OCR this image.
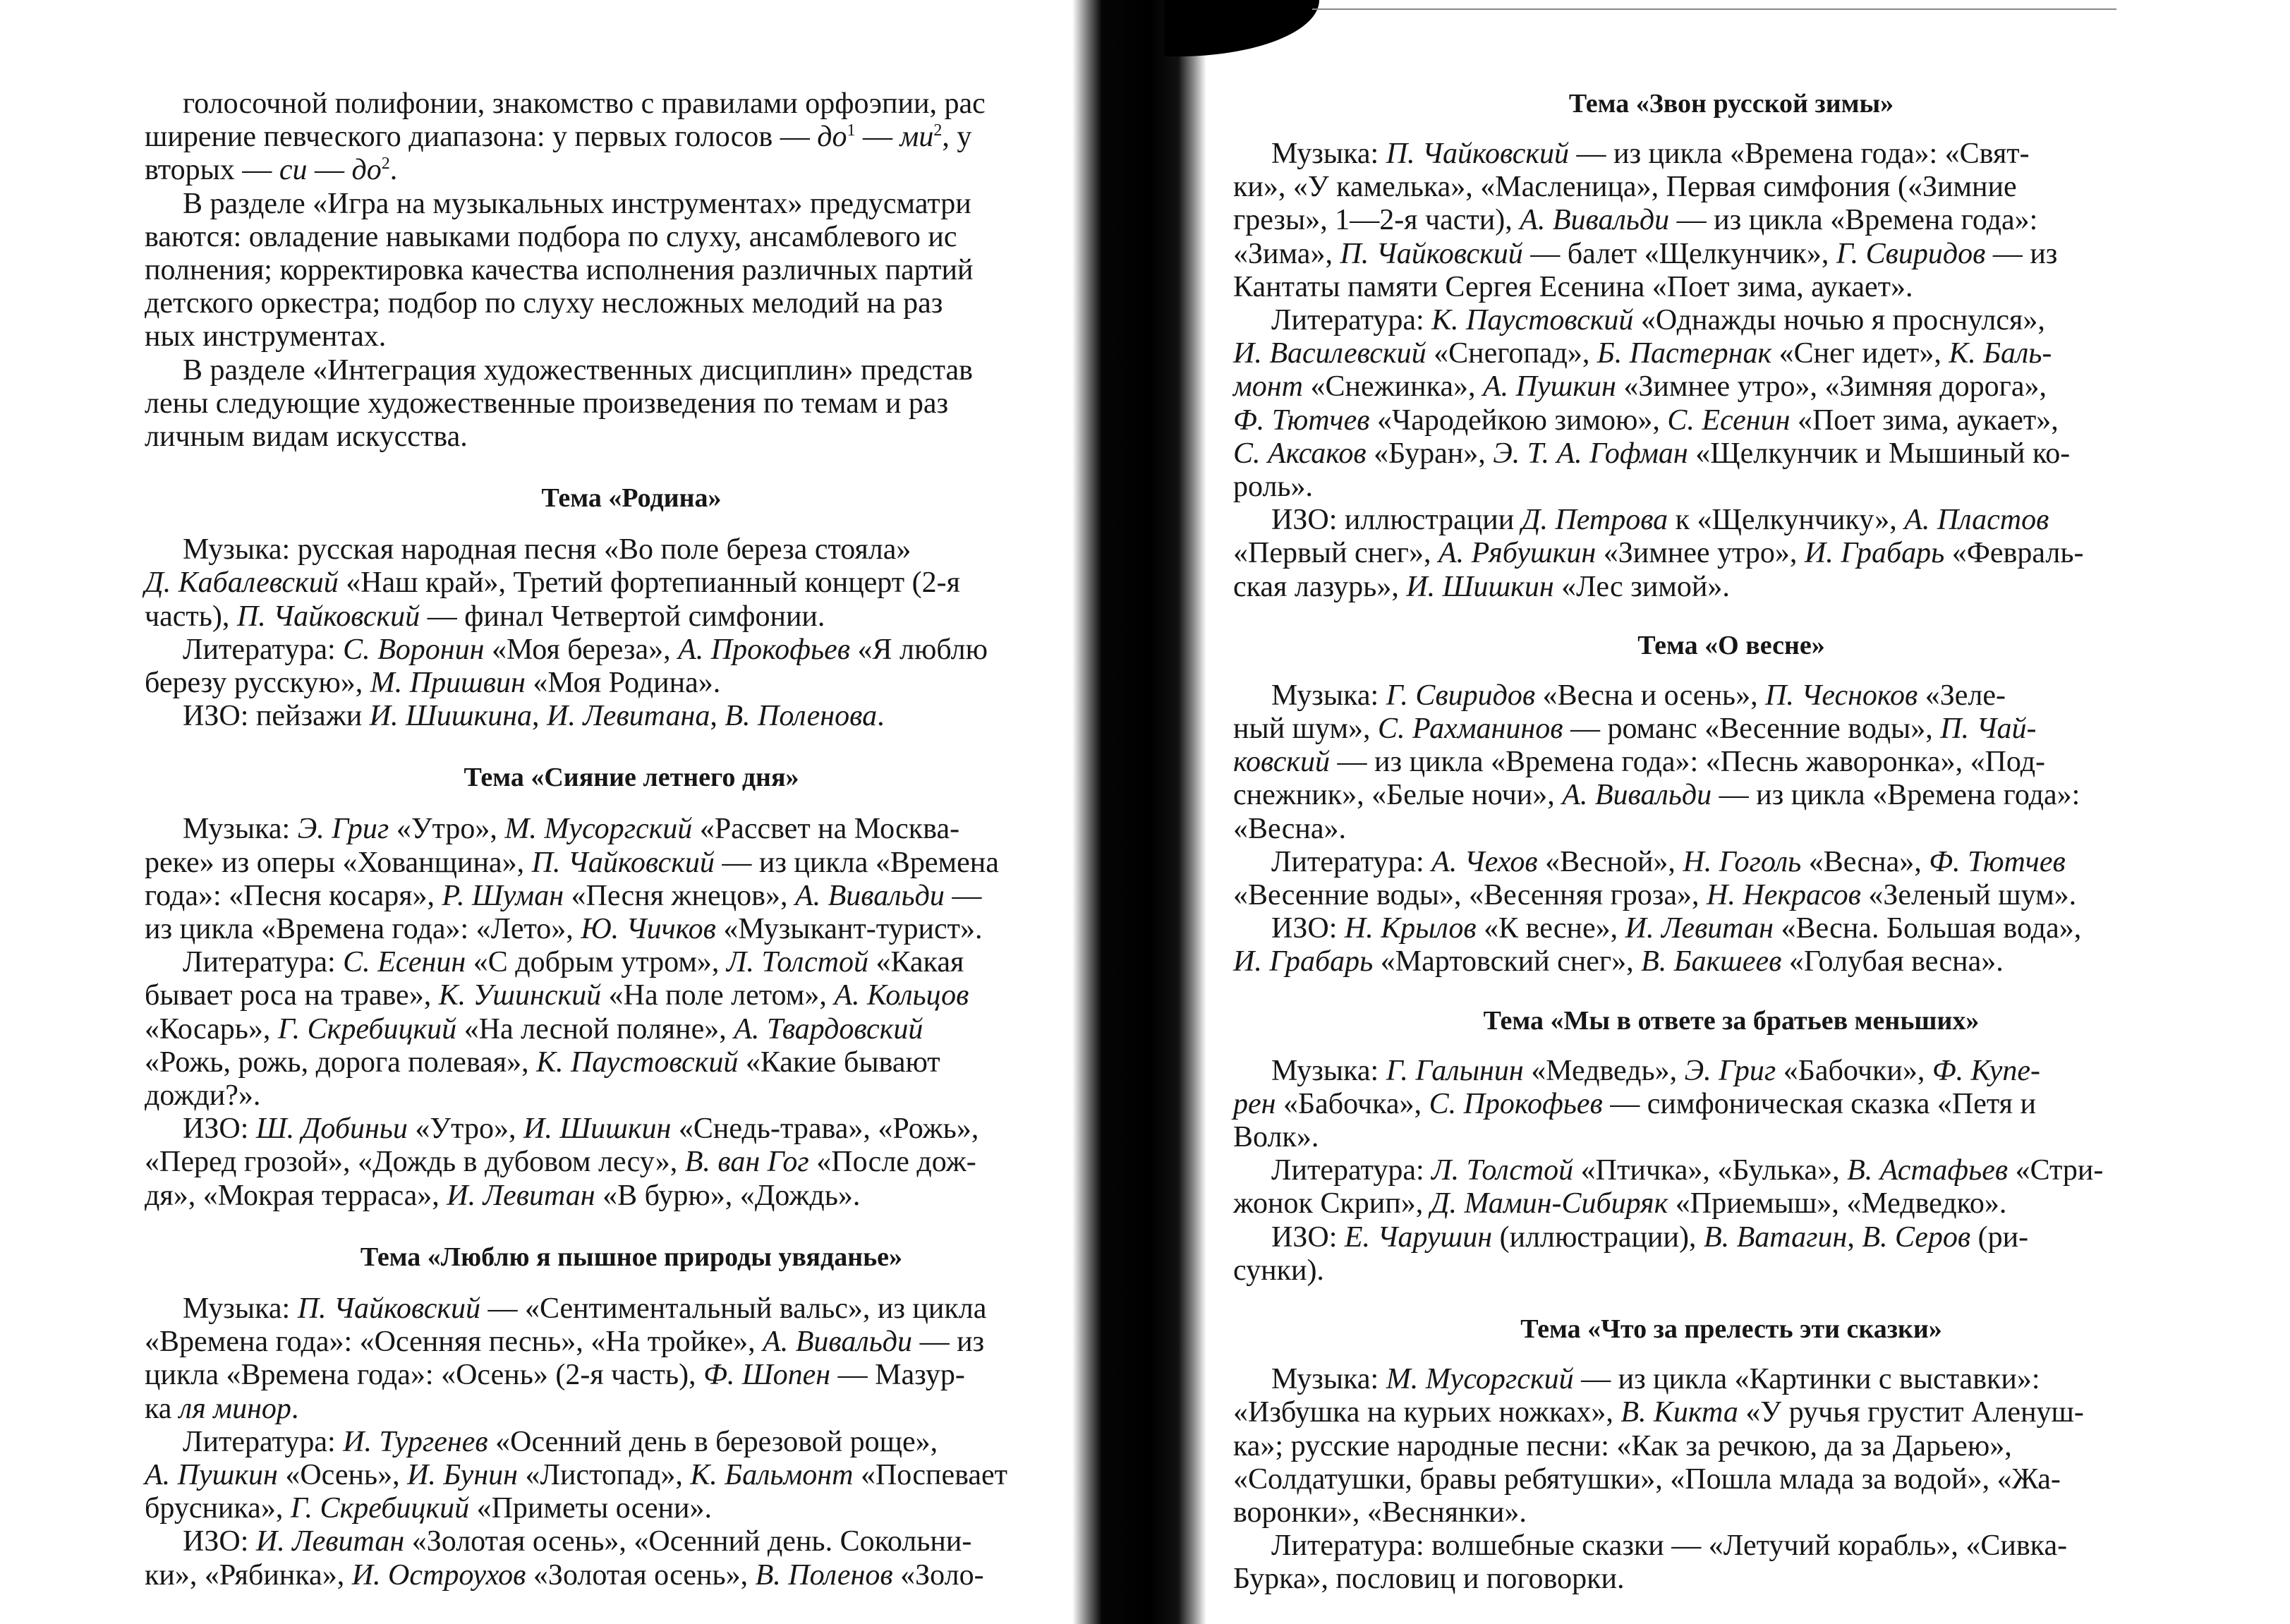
голосочной полифонии, знакомство с правилами орфоэпии, рас
ширение певческого диапазона: у первых голосов — $до^1$ — $ми^2$, у
вторых — си — $до^2$.

В разделе «Игра на музыкальных инструментах» предусматри
ваются: овладение навыками подбора по слуху, ансамблевого ис
полнения; корректировка качества исполнения различных партий
детского оркестра; подбор по слуху несложных мелодий на раз
ных инструментах.

В разделе «Интеграция художественных дисциплин» представ
лены следующие художественные произведения по темам и раз
личным видам искусства.

Тема «Родина»

Музыка: русская народная песня «Во поле береза стояла»
Д. Кабалевский «Наш край», Третий фортепианный концерт (2-я
часть), П. Чайковский — финал Четвертой симфонии.

Литература: С. Воронин «Моя береза», А. Прокофьев «Я люблю
березу русскую», М. Пришвин «Моя Родина».

ИЗО: пейзажи И. Шишкина, И. Левитана, В. Поленова.

Тема «Сияние летнего дня»

Музыка: Э. Григ «Утро», М. Мусоргский «Рассвет на Москва-
реке» из оперы «Хованщина», П. Чайковский — из цикла «Времена
года»: «Песня косаря», Р. Шуман «Песня жнецов», А. Вивальди —
из цикла «Времена года»: «Лето», Ю. Чичков «Музыкант-турист».

Литература: С. Есенин «С добрым утром», Л. Толстой «Какая
бывает роса на траве», К. Ушинский «На поле летом», А. Кольцов
«Косарь», Г. Скребицкий «На лесной поляне», А. Твардовский
«Рожь, рожь, дорога полевая», К. Паустовский «Какие бывают
дожди?».

ИЗО: Ш. Добиньи «Утро», И. Шишкин «Снедь-трава», «Рожь»,
«Перед грозой», «Дождь в дубовом лесу», В. ван Гог «После дож-
дя», «Мокрая терраса», И. Левитан «В бурю», «Дождь».

Тема «Люблю я пышное природы увяданье»

Музыка: П. Чайковский — «Сентиментальный вальс», из цикла
«Времена года»: «Осенняя песнь», «На тройке», А. Вивальди — из
цикла «Времена года»: «Осень» (2-я часть), Ф. Шопен — Мазур-
ка ля минор.

Литература: И. Тургенев «Осенний день в березовой роще»,
А. Пушкин «Осень», И. Бунин «Листопад», К. Бальмонт «Поспевает
брусника», Г. Скребицкий «Приметы осени».

ИЗО: И. Левитан «Золотая осень», «Осенний день. Сокольни-
ки», «Рябинка», И. Остроухов «Золотая осень», В. Поленов «Золо-

Тема «Звон русской зимы»

Музыка: П. Чайковский — из цикла «Времена года»: «Свят-
ки», «У камелька», «Масленица», Первая симфония («Зимние
грезы», 1—2-я части), А. Вивальди — из цикла «Времена года»:
«Зима», П. Чайковский — балет «Щелкунчик», Г. Свиридов — из
Кантаты памяти Сергея Есенина «Поет зима, аукает».

Литература: К. Паустовский «Однажды ночью я проснулся»,
И. Василевский «Снегопад», Б. Пастернак «Снег идет», К. Баль-
монт «Снежинка», А. Пушкин «Зимнее утро», «Зимняя дорога»,
Ф. Тютчев «Чародейкою зимою», С. Есенин «Поет зима, аукает»,
С. Аксаков «Буран», Э. Т. А. Гофман «Щелкунчик и Мышиный ко-
роль».

ИЗО: иллюстрации Д. Петрова к «Щелкунчику», А. Пластов
«Первый снег», А. Рябушкин «Зимнее утро», И. Грабарь «Февраль-
ская лазурь», И. Шишкин «Лес зимой».

Тема «О весне»

Музыка: Г. Свиридов «Весна и осень», П. Чесноков «Зеле-
ный шум», С. Рахманинов — романс «Весенние воды», П. Чай-
ковский — из цикла «Времена года»: «Песнь жаворонка», «Под-
снежник», «Белые ночи», А. Вивальди — из цикла «Времена года»:
«Весна».

Литература: А. Чехов «Весной», Н. Гоголь «Весна», Ф. Тютчев
«Весенние воды», «Весенняя гроза», Н. Некрасов «Зеленый шум».

ИЗО: Н. Крылов «К весне», И. Левитан «Весна. Большая вода»,
И. Грабарь «Мартовский снег», В. Бакшеев «Голубая весна».

Тема «Мы в ответе за братьев меньших»

Музыка: Г. Галынин «Медведь», Э. Григ «Бабочки», Ф. Купе-
рен «Бабочка», С. Прокофьев — симфоническая сказка «Петя и
Волк».

Литература: Л. Толстой «Птичка», «Булька», В. Астафьев «Стри-
жонок Скрип», Д. Мамин-Сибиряк «Приемыш», «Медведко».

ИЗО: Е. Чарушин (иллюстрации), В. Ватагин, В. Серов (ри-
сунки).

Тема «Что за прелесть эти сказки»

Музыка: М. Мусоргский — из цикла «Картинки с выставки»:
«Избушка на курьих ножках», В. Кикта «У ручья грустит Аленуш-
ка»; русские народные песни: «Как за речкою, да за Дарьею»,
«Солдатушки, бравы ребятушки», «Пошла млада за водой», «Жа-
воронки», «Веснянки».

Литература: волшебные сказки — «Летучий корабль», «Сивка-
Бурка», пословиц и поговорки.
